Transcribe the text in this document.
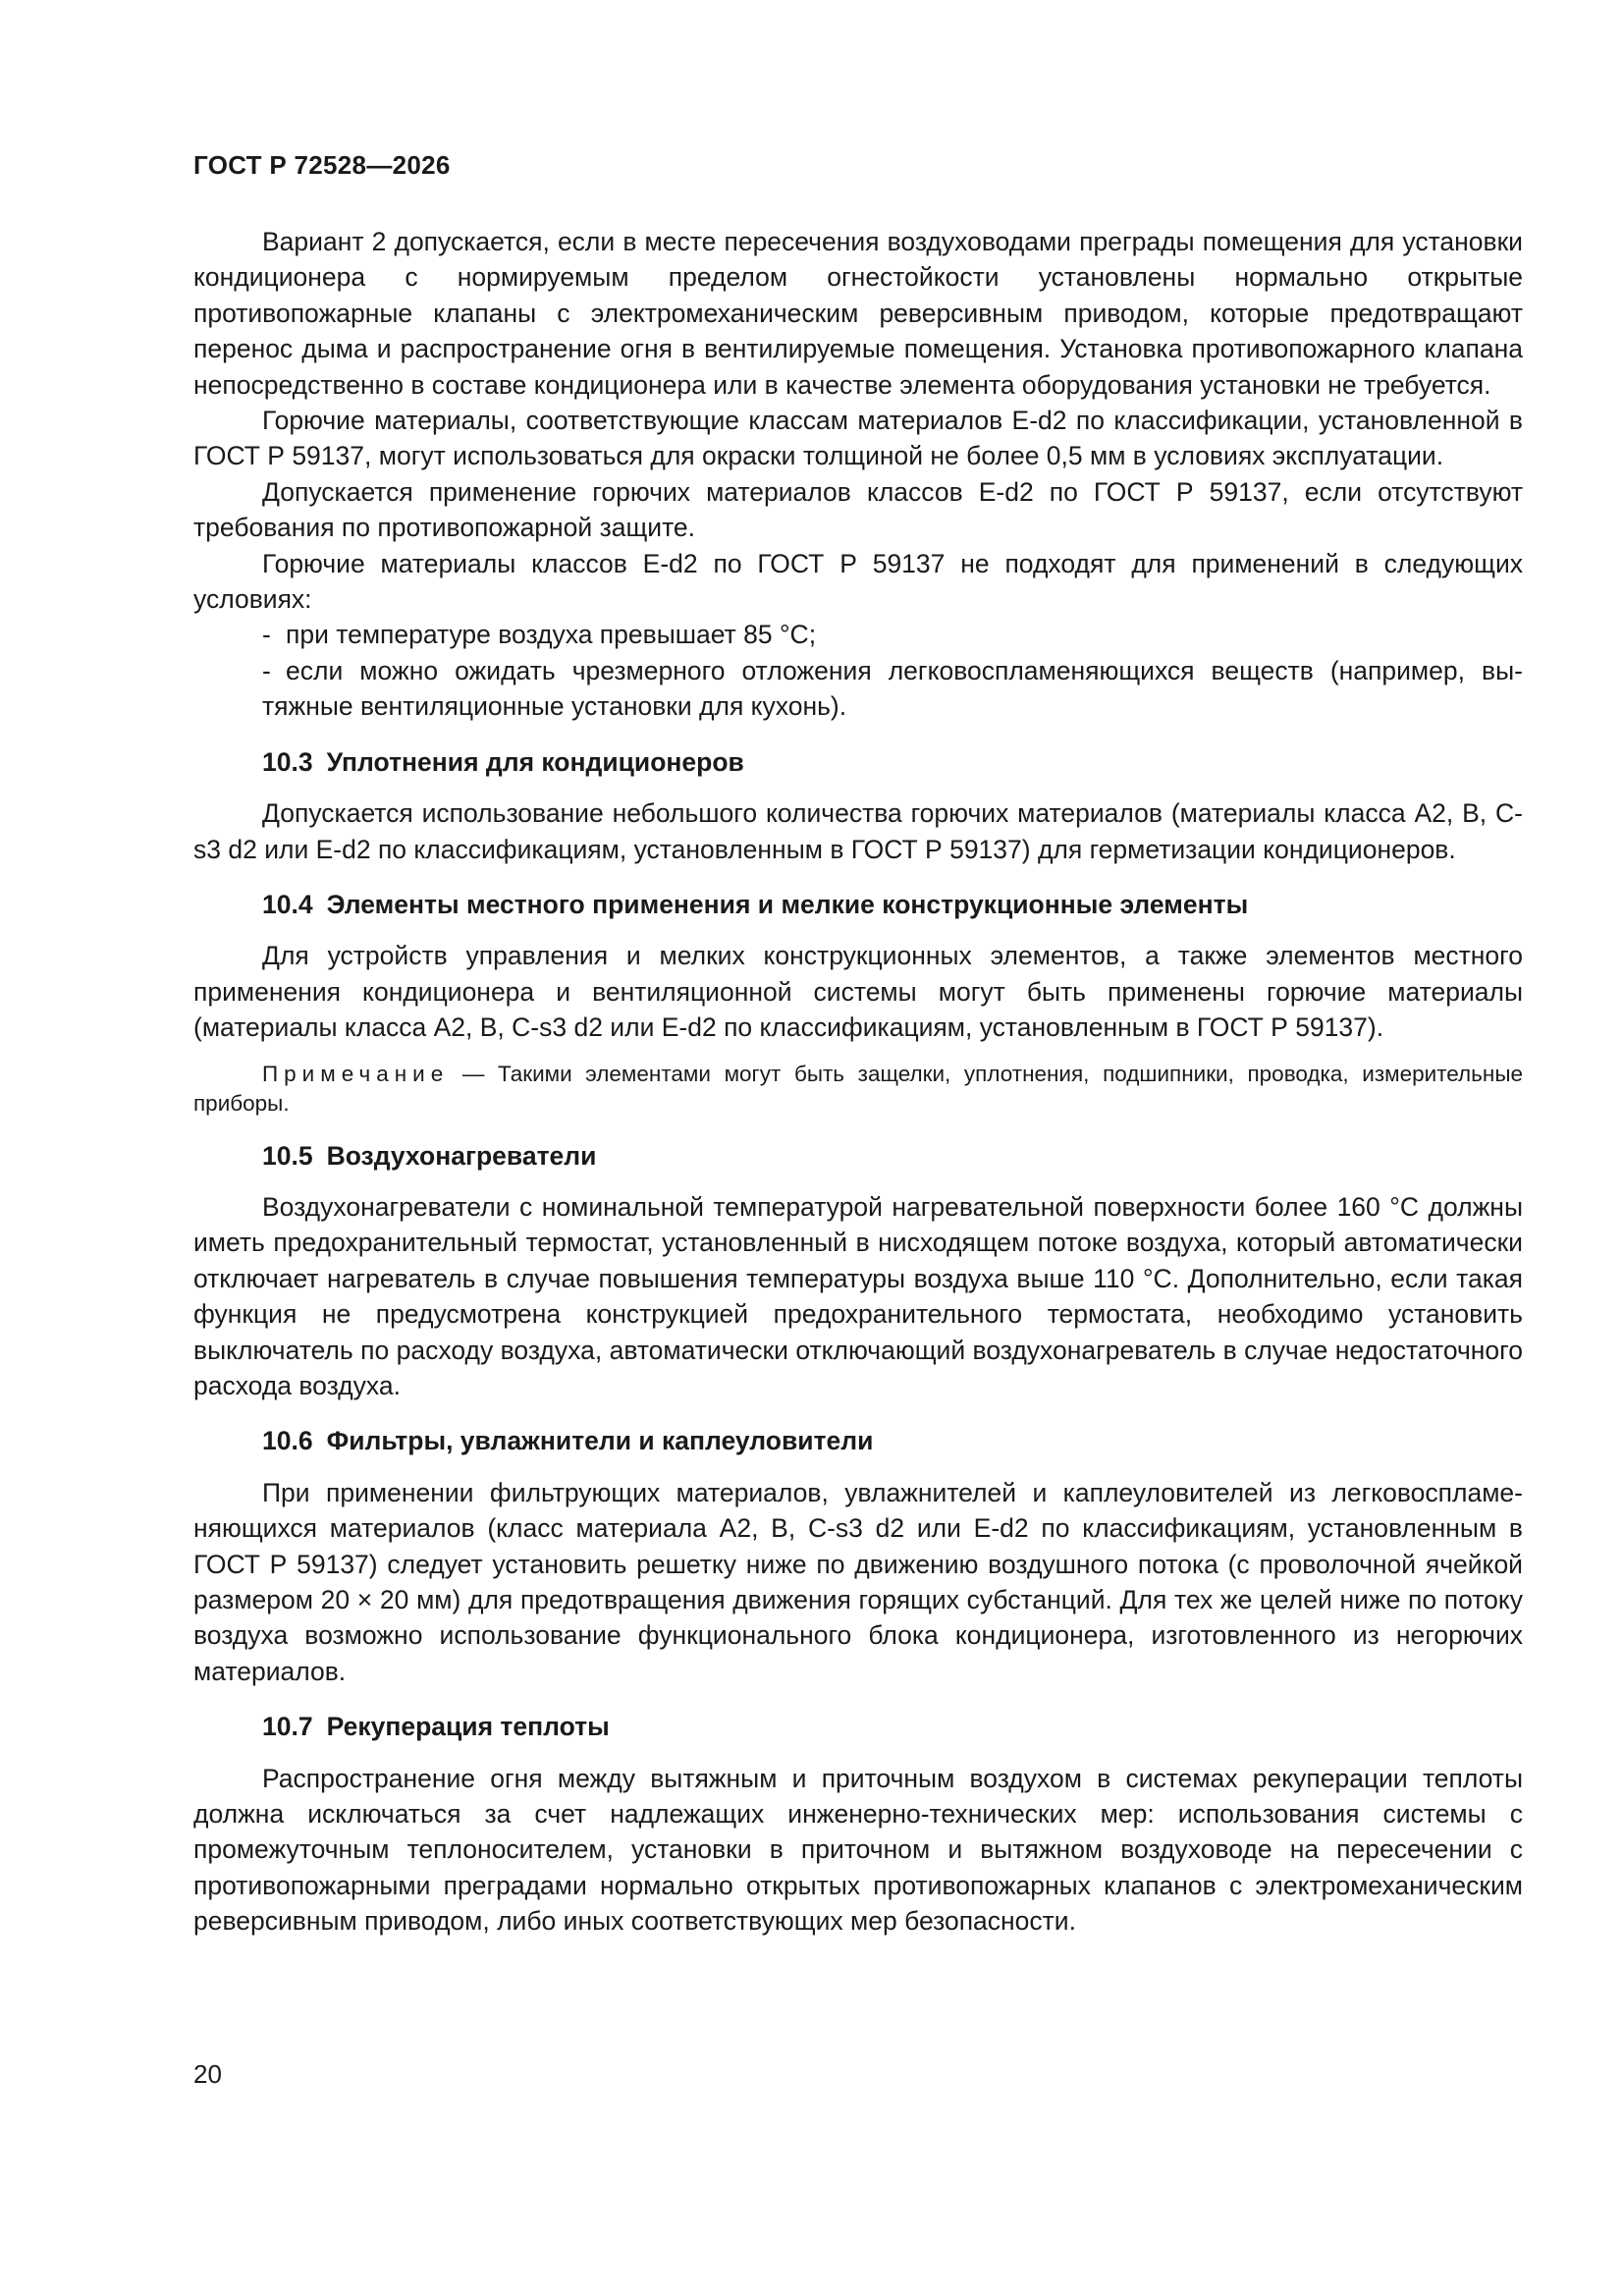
ГОСТ Р 72528—2026

Вариант 2 допускается, если в месте пересечения воздуховодами преграды помещения для установки кондиционера с нормируемым пределом огнестойкости установлены нормально открытые противопожарные клапаны с электромеханическим реверсивным приводом, которые предотвращают перенос дыма и распространение огня в вентилируемые помещения. Установка противопожарного клапана непосредственно в составе кондиционера или в качестве элемента оборудования установки не требуется.

Горючие материалы, соответствующие классам материалов E-d2 по классификации, установленной в ГОСТ Р 59137, могут использоваться для окраски толщиной не более 0,5 мм в условиях эксплуатации.

Допускается применение горючих материалов классов E-d2 по ГОСТ Р 59137, если отсутствуют требования по противопожарной защите.

Горючие материалы классов E-d2 по ГОСТ Р 59137 не подходят для применений в следующих условиях:

- при температуре воздуха превышает 85 °С;

- если можно ожидать чрезмерного отложения легковоспламеняющихся веществ (например, вытяжные вентиляционные установки для кухонь).

10.3 Уплотнения для кондиционеров

Допускается использование небольшого количества горючих материалов (материалы класса А2, В, С-s3 d2 или Е-d2 по классификациям, установленным в ГОСТ Р 59137) для герметизации кондиционеров.

10.4 Элементы местного применения и мелкие конструкционные элементы

Для устройств управления и мелких конструкционных элементов, а также элементов местного применения кондиционера и вентиляционной системы могут быть применены горючие материалы (материалы класса А2, В, С-s3 d2 или Е-d2 по классификациям, установленным в ГОСТ Р 59137).

Примечание — Такими элементами могут быть защелки, уплотнения, подшипники, проводка, измерительные приборы.

10.5 Воздухонагреватели

Воздухонагреватели с номинальной температурой нагревательной поверхности более 160 °С должны иметь предохранительный термостат, установленный в нисходящем потоке воздуха, который автоматически отключает нагреватель в случае повышения температуры воздуха выше 110 °С. Дополнительно, если такая функция не предусмотрена конструкцией предохранительного термостата, необходимо установить выключатель по расходу воздуха, автоматически отключающий воздухонагреватель в случае недостаточного расхода воздуха.

10.6 Фильтры, увлажнители и каплеуловители

При применении фильтрующих материалов, увлажнителей и каплеуловителей из легковоспламеняющихся материалов (класс материала А2, В, С-s3 d2 или Е-d2 по классификациям, установленным в ГОСТ Р 59137) следует установить решетку ниже по движению воздушного потока (с проволочной ячейкой размером 20 × 20 мм) для предотвращения движения горящих субстанций. Для тех же целей ниже по потоку воздуха возможно использование функционального блока кондиционера, изготовленного из негорючих материалов.

10.7 Рекуперация теплоты

Распространение огня между вытяжным и приточным воздухом в системах рекуперации теплоты должна исключаться за счет надлежащих инженерно-технических мер: использования системы с промежуточным теплоносителем, установки в приточном и вытяжном воздуховоде на пересечении с противопожарными преградами нормально открытых противопожарных клапанов с электромеханическим реверсивным приводом, либо иных соответствующих мер безопасности.

20
